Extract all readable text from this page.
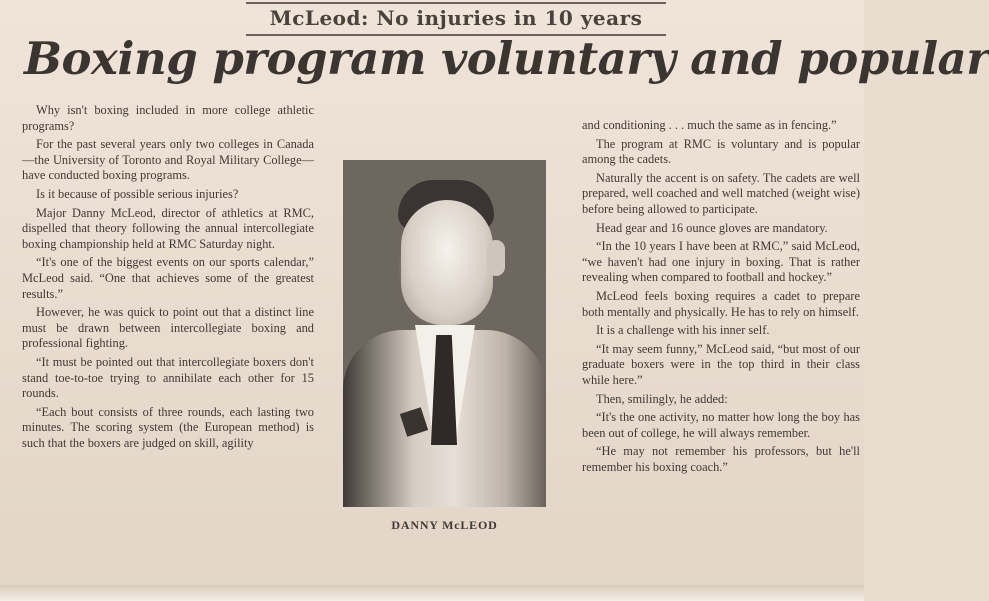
McLeod: No injuries in 10 years
Boxing program voluntary and popular

Why isn't boxing included in more college athletic programs?

For the past several years only two colleges in Canada—the University of Toronto and Royal Military College—have conducted boxing programs.

Is it because of possible serious injuries?

Major Danny McLeod, director of athletics at RMC, dispelled that theory following the annual intercollegiate boxing championship held at RMC Saturday night.

“It's one of the biggest events on our sports calendar,” McLeod said. “One that achieves some of the greatest results.”

However, he was quick to point out that a distinct line must be drawn between intercollegiate boxing and professional fighting.

“It must be pointed out that intercollegiate boxers don't stand toe-to-toe trying to annihilate each other for 15 rounds.

“Each bout consists of three rounds, each lasting two minutes. The scoring system (the European method) is such that the boxers are judged on skill, agility

DANNY McLEOD

and conditioning . . . much the same as in fencing.”

The program at RMC is voluntary and is popular among the cadets.

Naturally the accent is on safety. The cadets are well prepared, well coached and well matched (weight wise) before being allowed to participate.

Head gear and 16 ounce gloves are mandatory.

“In the 10 years I have been at RMC,” said McLeod, “we haven't had one injury in boxing. That is rather revealing when compared to football and hockey.”

McLeod feels boxing requires a cadet to prepare both mentally and physically. He has to rely on himself.

It is a challenge with his inner self.

“It may seem funny,” McLeod said, “but most of our graduate boxers were in the top third in their class while here.”

Then, smilingly, he added:

“It's the one activity, no matter how long the boy has been out of college, he will always remember.

“He may not remember his professors, but he'll remember his boxing coach.”
